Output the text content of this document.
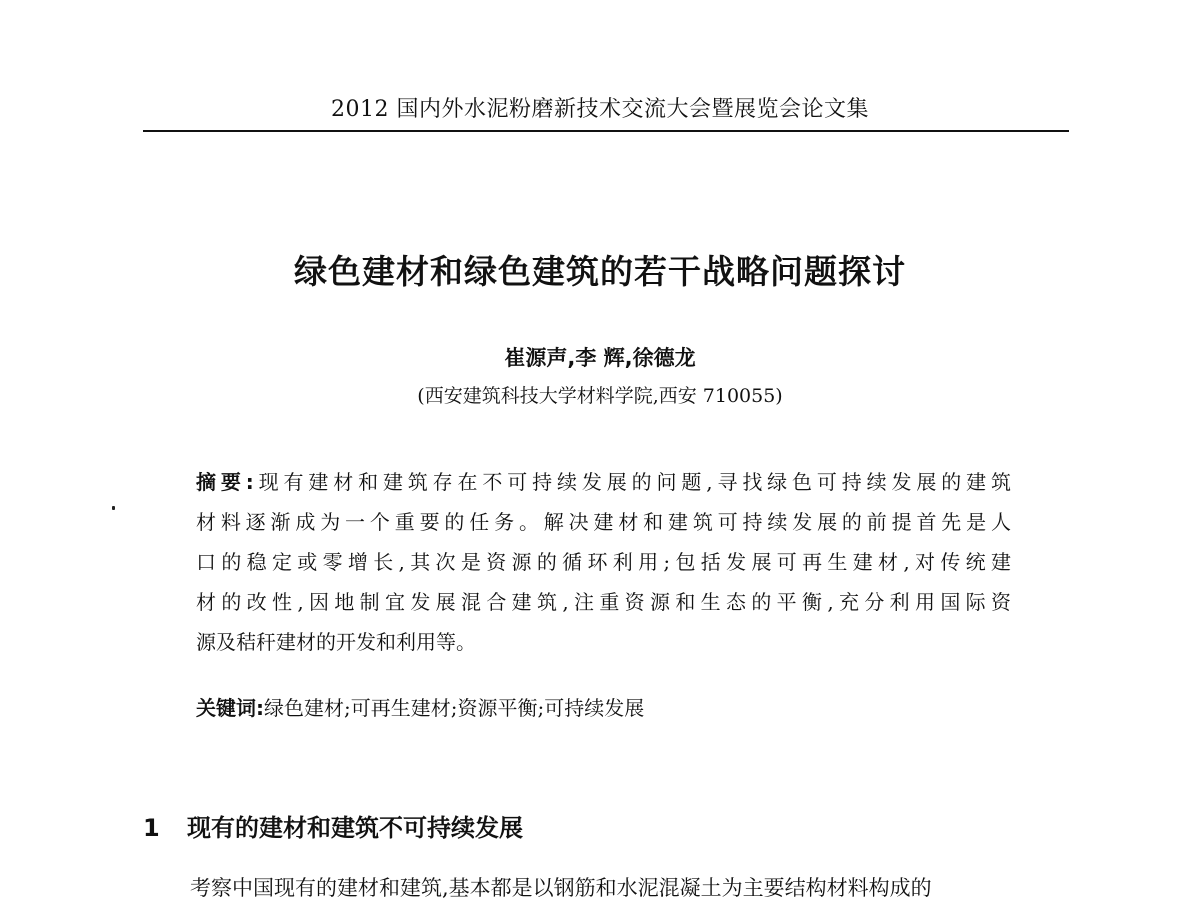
2012 国内外水泥粉磨新技术交流大会暨展览会论文集
绿色建材和绿色建筑的若干战略问题探讨
崔源声,李 辉,徐德龙
(西安建筑科技大学材料学院,西安 710055)
摘要:现有建材和建筑存在不可持续发展的问题,寻找绿色可持续发展的建筑
材料逐渐成为一个重要的任务。解决建材和建筑可持续发展的前提首先是人
口的稳定或零增长,其次是资源的循环利用;包括发展可再生建材,对传统建
材的改性,因地制宜发展混合建筑,注重资源和生态的平衡,充分利用国际资
源及秸秆建材的开发和利用等。
关键词:绿色建材;可再生建材;资源平衡;可持续发展
1 现有的建材和建筑不可持续发展
考察中国现有的建材和建筑,基本都是以钢筋和水泥混凝土为主要结构材料构成的
